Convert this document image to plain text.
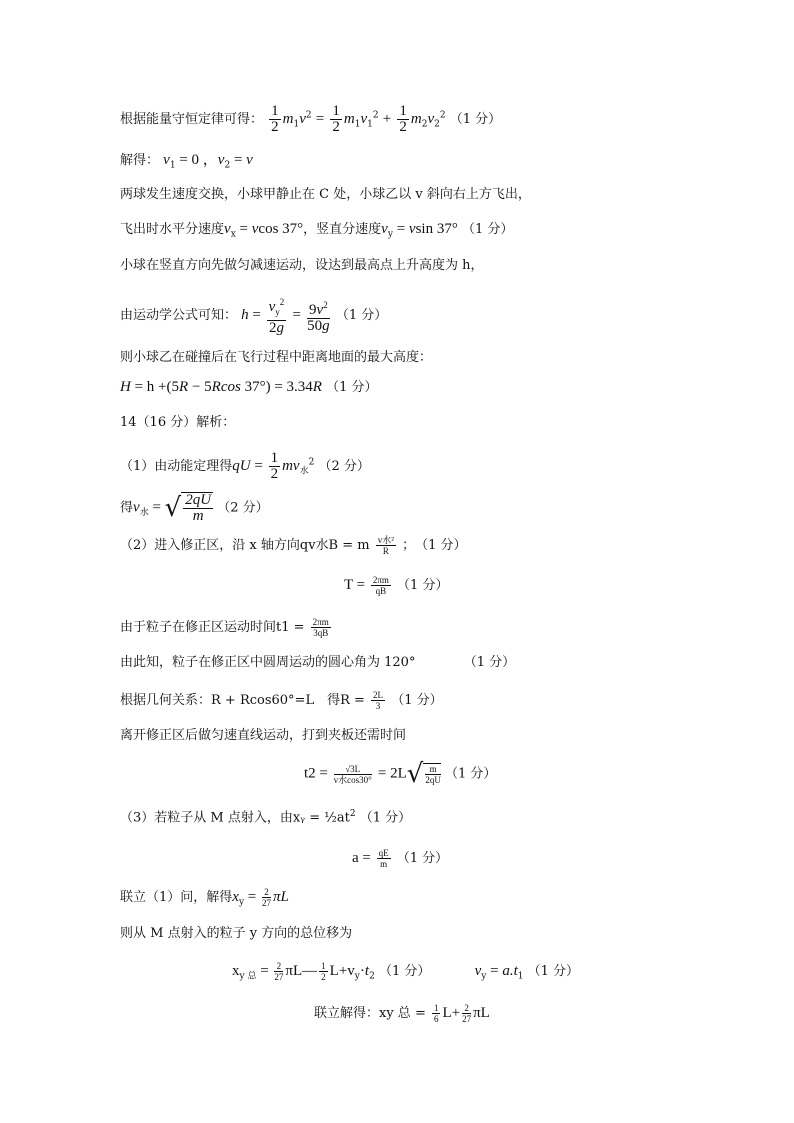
根据能量守恒定律可得： $\frac{1}{2} m_1v^2 = \frac{1}{2} m_1v_1^2 + \frac{1}{2} m_2v_2^2$ （1 分）
解得： $v_1 = 0$ ，$v_2 = v$
两球发生速度交换，小球甲静止在 C 处，小球乙以 v 斜向右上方飞出，
飞出时水平分速度$v_x = vcos$ 37°，竖直分速度$v_y = vsin$ 37° （1 分）
小球在竖直方向先做匀减速运动，设达到最高点上升高度为 h，
由运动学公式可知： $h = \frac{v_y^2}{2g} = \frac{9v^2}{50g} (1$ 分）
则小球乙在碰撞后在飞行过程中距离地面的最大高度：
H = h +(5R − 5Rcos 37°) = 3.34R （1 分）
14（16 分）解析：
（1）由动能定理得qU = $\frac{1}{2} mv_水^2$ （2 分）
得$v_水$ = √ $\frac{2qU}{m} (2$ 分）
（2）进入修正区，沿 x 轴方向qv水B = m $\frac{\text{v水²}}{R}$ ；　（1 分）
$T = \frac{2\pi m}{qB} (1$ 分）
由于粒子在修正区运动时间$t1 = \frac{2\pi m}{3qB}$
由此知，粒子在修正区中圆周运动的圆心角为 120°	（1 分）
根据几何关系：R + Rcos60°=L　得$R = \frac{2L}{3} (1$ 分）
离开修正区后做匀速直线运动，打到夹板还需时间
$t2 = \frac{√3L}{\text{v水cos30°}} = 2L√ \frac{m}{2qU} (1$ 分）
（3）若粒子从 M 点射入，由xᵧ = $\frac{1}{2}at^2$ （1 分）
$a = \frac{qE}{m} (1$ 分）
联立（1）问，解得$x_y = \frac{2}{27}$ πL
则从 M 点射入的粒子 y 方向的总位移为
$x_{y 总} = \frac{2}{27}$ πL— $\frac{1}{2} L+v_y\cdot t_2$ （1 分）	$v_y = a.t_1$ （1 分）
联立解得：xy 总 = $\frac{1}{6} L+ \frac{2}{27}$ πL
